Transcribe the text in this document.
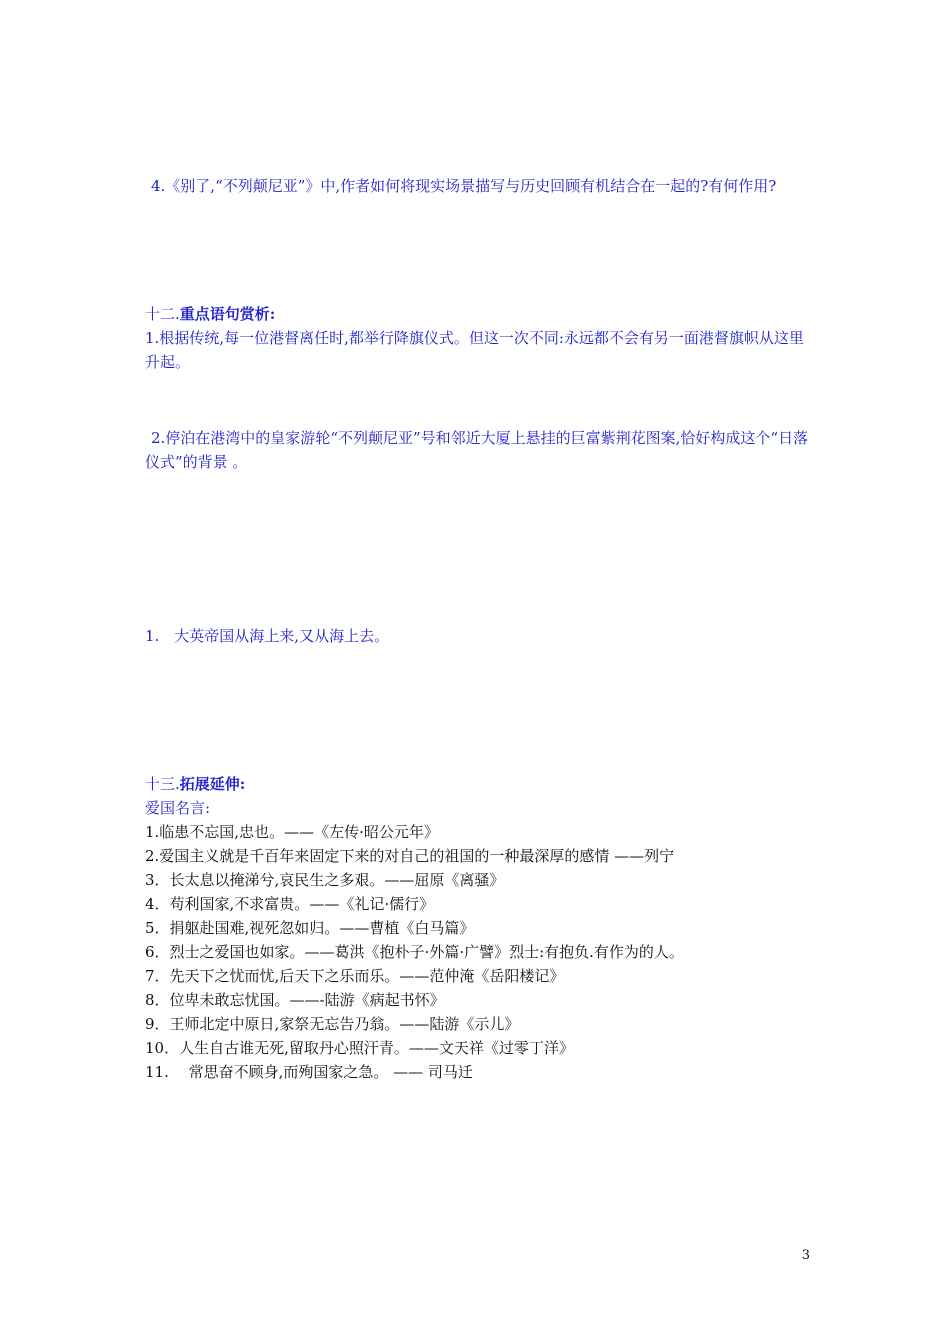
4.《别了,“不列颠尼亚”》中,作者如何将现实场景描写与历史回顾有机结合在一起的?有何作用?
十二.重点语句赏析:
1.根据传统,每一位港督离任时,都举行降旗仪式。但这一次不同:永远都不会有另一面港督旗帜从这里升起。
2.停泊在港湾中的皇家游轮“不列颠尼亚”号和邻近大厦上悬挂的巨富紫荆花图案,恰好构成这个“日落仪式”的背景 。
1.　大英帝国从海上来,又从海上去。
十三.拓展延伸:
爱国名言:
1.临患不忘国,忠也。——《左传·昭公元年》
2.爱国主义就是千百年来固定下来的对自己的祖国的一种最深厚的感情 ——列宁
3．长太息以掩涕兮,哀民生之多艰。——屈原《离骚》
4．苟利国家,不求富贵。——《礼记·儒行》
5．捐躯赴国难,视死忽如归。——曹植《白马篇》
6．烈士之爱国也如家。——葛洪《抱朴子·外篇·广譬》烈士:有抱负.有作为的人。
7．先天下之忧而忧,后天下之乐而乐。——范仲淹《岳阳楼记》
8．位卑未敢忘忧国。——-陆游《病起书怀》
9．王师北定中原日,家祭无忘告乃翁。——陆游《示儿》
10．人生自古谁无死,留取丹心照汗青。——文天祥《过零丁洋》
11.　 常思奋不顾身,而殉国家之急。 —— 司马迁
3
